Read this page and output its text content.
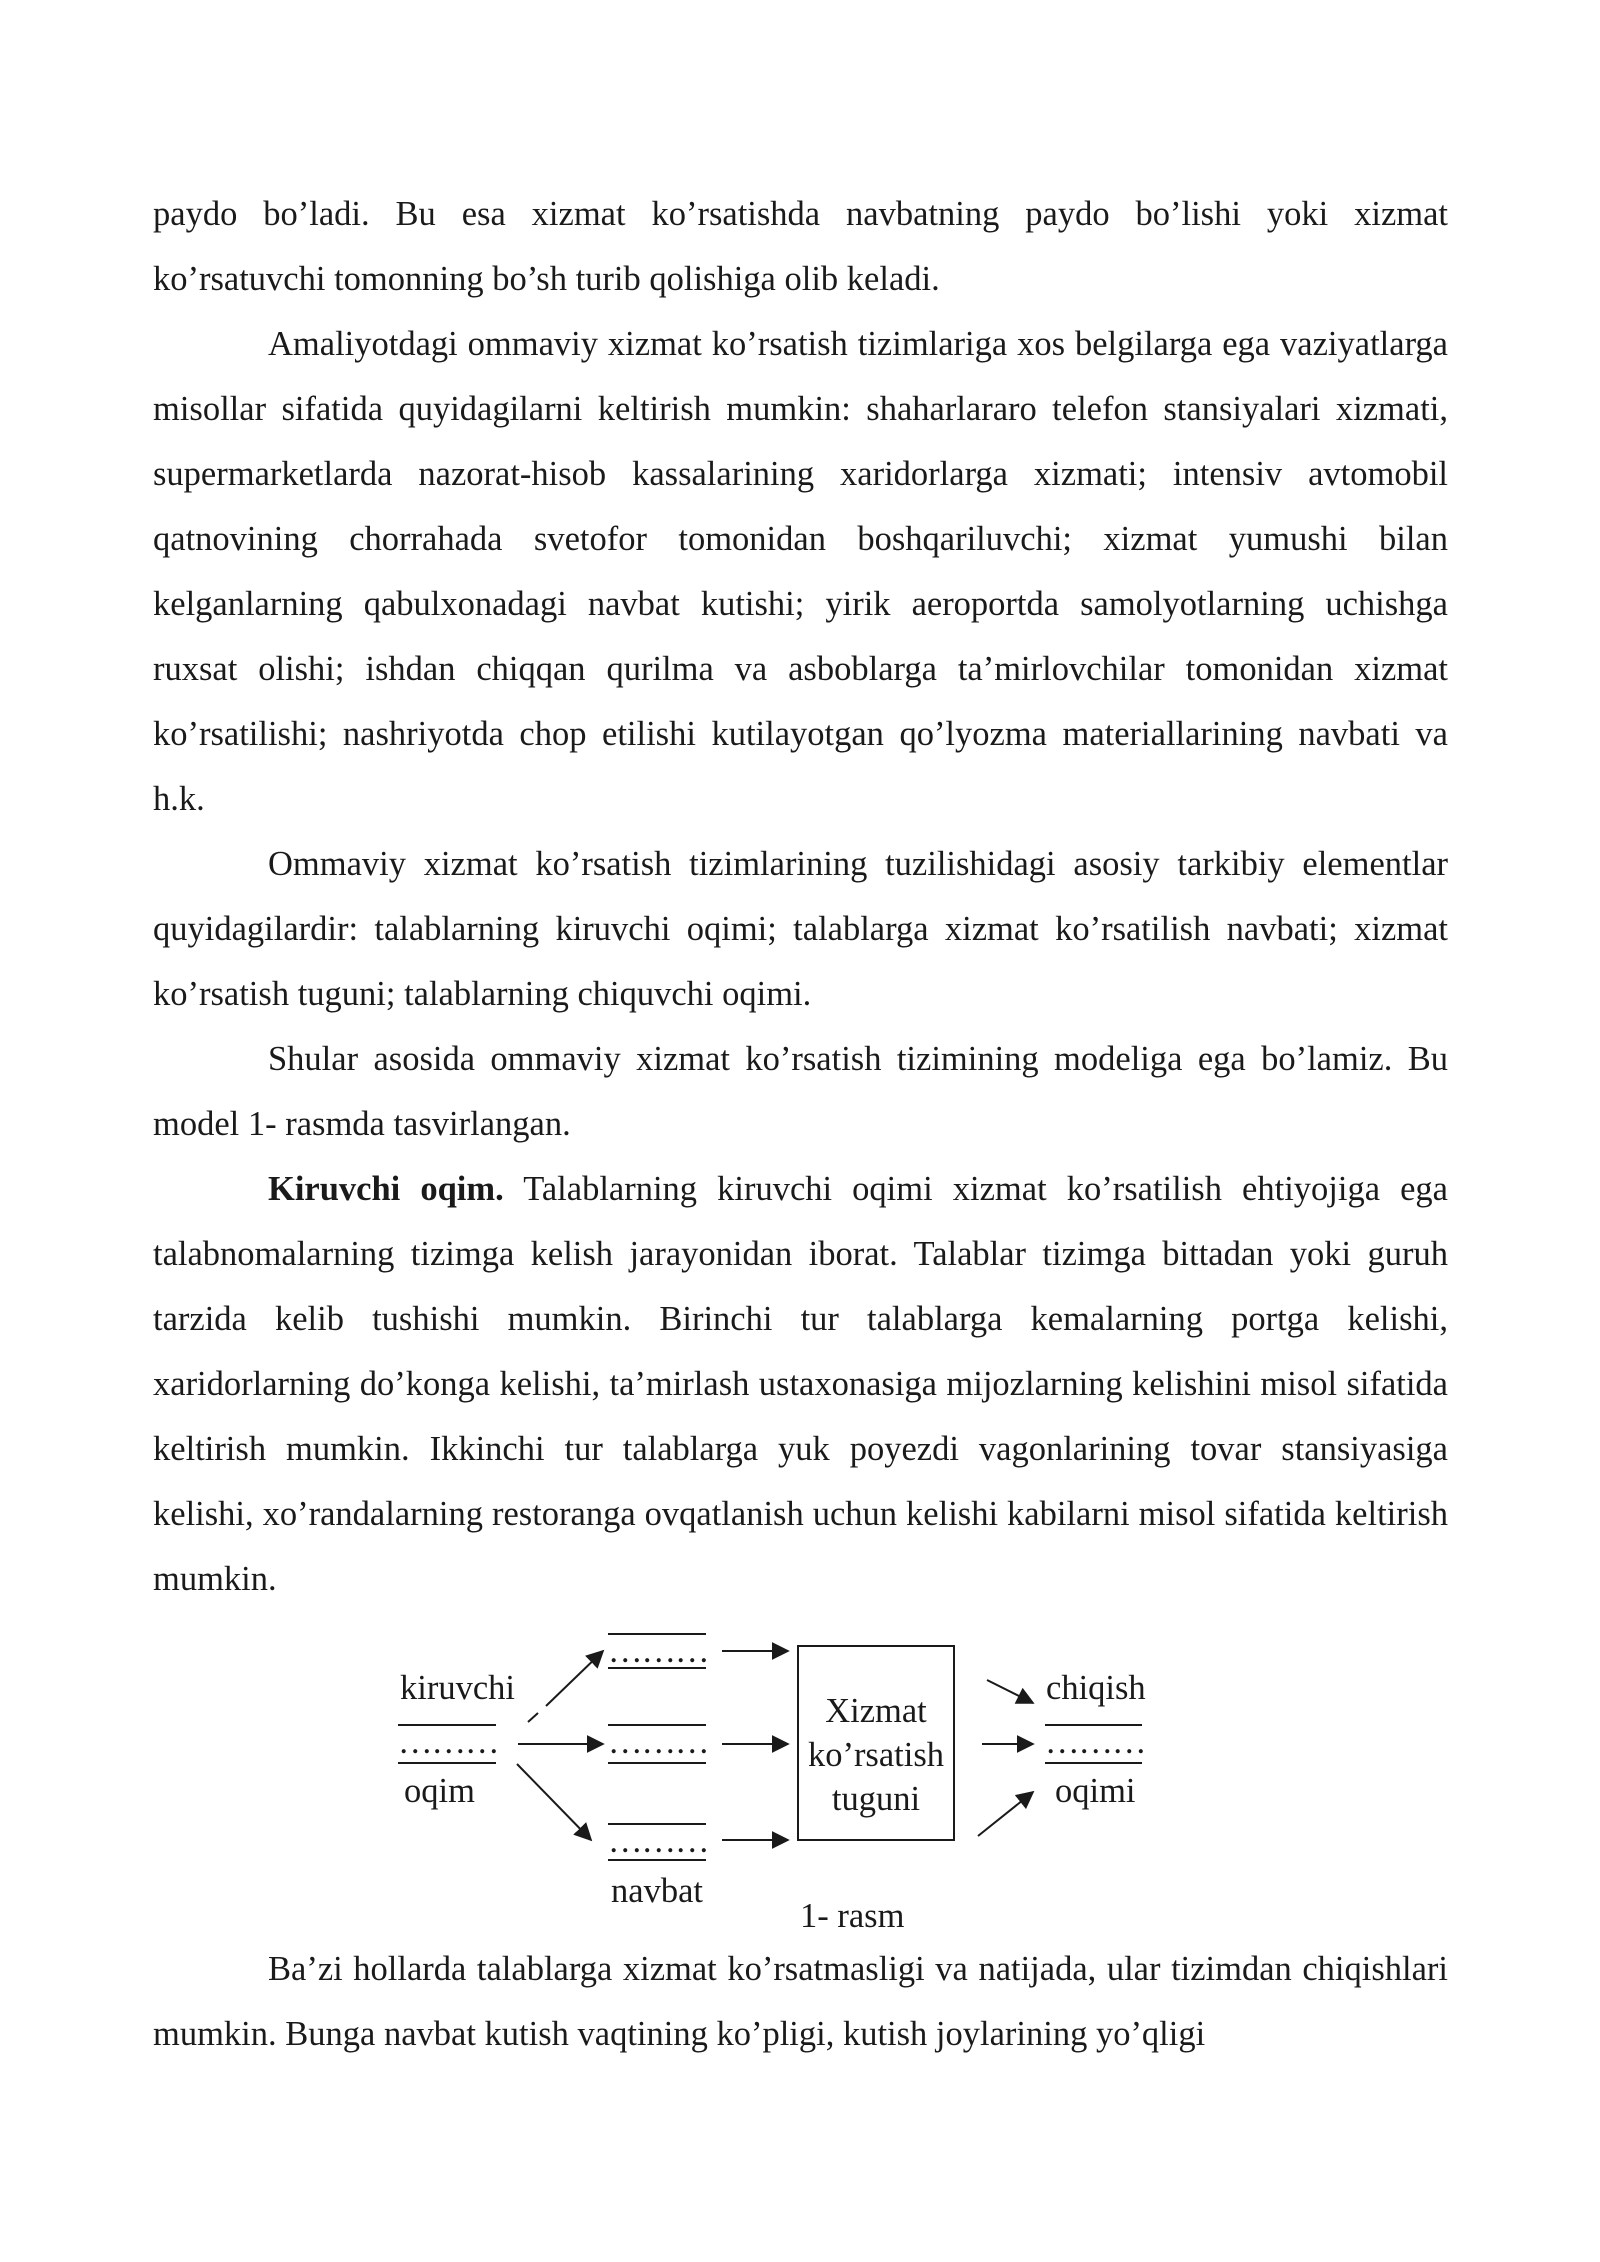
paydo bo’ladi. Bu esa xizmat ko’rsatishda navbatning paydo bo’lishi yoki xizmat ko’rsatuvchi tomonning bo’sh turib qolishiga olib keladi.

Amaliyotdagi ommaviy xizmat ko’rsatish tizimlariga xos belgilarga ega vaziyatlarga misollar sifatida quyidagilarni keltirish mumkin: shaharlararo telefon stansiyalari xizmati, supermarketlarda nazorat-hisob kassalarining xaridorlarga xizmati; intensiv avtomobil qatnovining chorrahada svetofor tomonidan boshqariluvchi; xizmat yumushi bilan kelganlarning qabulxonadagi navbat kutishi; yirik aeroportda samolyotlarning uchishga ruxsat olishi; ishdan chiqqan qurilma va asboblarga ta’mirlovchilar tomonidan xizmat ko’rsatilishi; nashriyotda chop etilishi kutilayotgan qo’lyozma materiallarining navbati va h.k.

Ommaviy xizmat ko’rsatish tizimlarining tuzilishidagi asosiy tarkibiy elementlar quyidagilardir: talablarning kiruvchi oqimi; talablarga xizmat ko’rsatilish navbati; xizmat ko’rsatish tuguni; talablarning chiquvchi oqimi.

Shular asosida ommaviy xizmat ko’rsatish tizimining modeliga ega bo’lamiz. Bu model 1- rasmda tasvirlangan.

Kiruvchi oqim. Talablarning kiruvchi oqimi xizmat ko’rsatilish ehtiyojiga ega talabnomalarning tizimga kelish jarayonidan iborat. Talablar tizimga bittadan yoki guruh tarzida kelib tushishi mumkin. Birinchi tur talablarga kemalarning portga kelishi, xaridorlarning do’konga kelishi, ta’mirlash ustaxonasiga mijozlarning kelishini misol sifatida keltirish mumkin. Ikkinchi tur talablarga yuk poyezdi vagonlarining tovar stansiyasiga kelishi, xo’randalarning restoranga ovqatlanish uchun kelishi kabilarni misol sifatida keltirish mumkin.

kiruvchi
………
oqim
………
………
………
navbat
Xizmat
ko’rsatish
tuguni
chiqish
………
oqimi
1- rasm

Ba’zi hollarda talablarga xizmat ko’rsatmasligi va natijada, ular tizimdan chiqishlari mumkin. Bunga navbat kutish vaqtining ko’pligi, kutish joylarining yo’qligi
